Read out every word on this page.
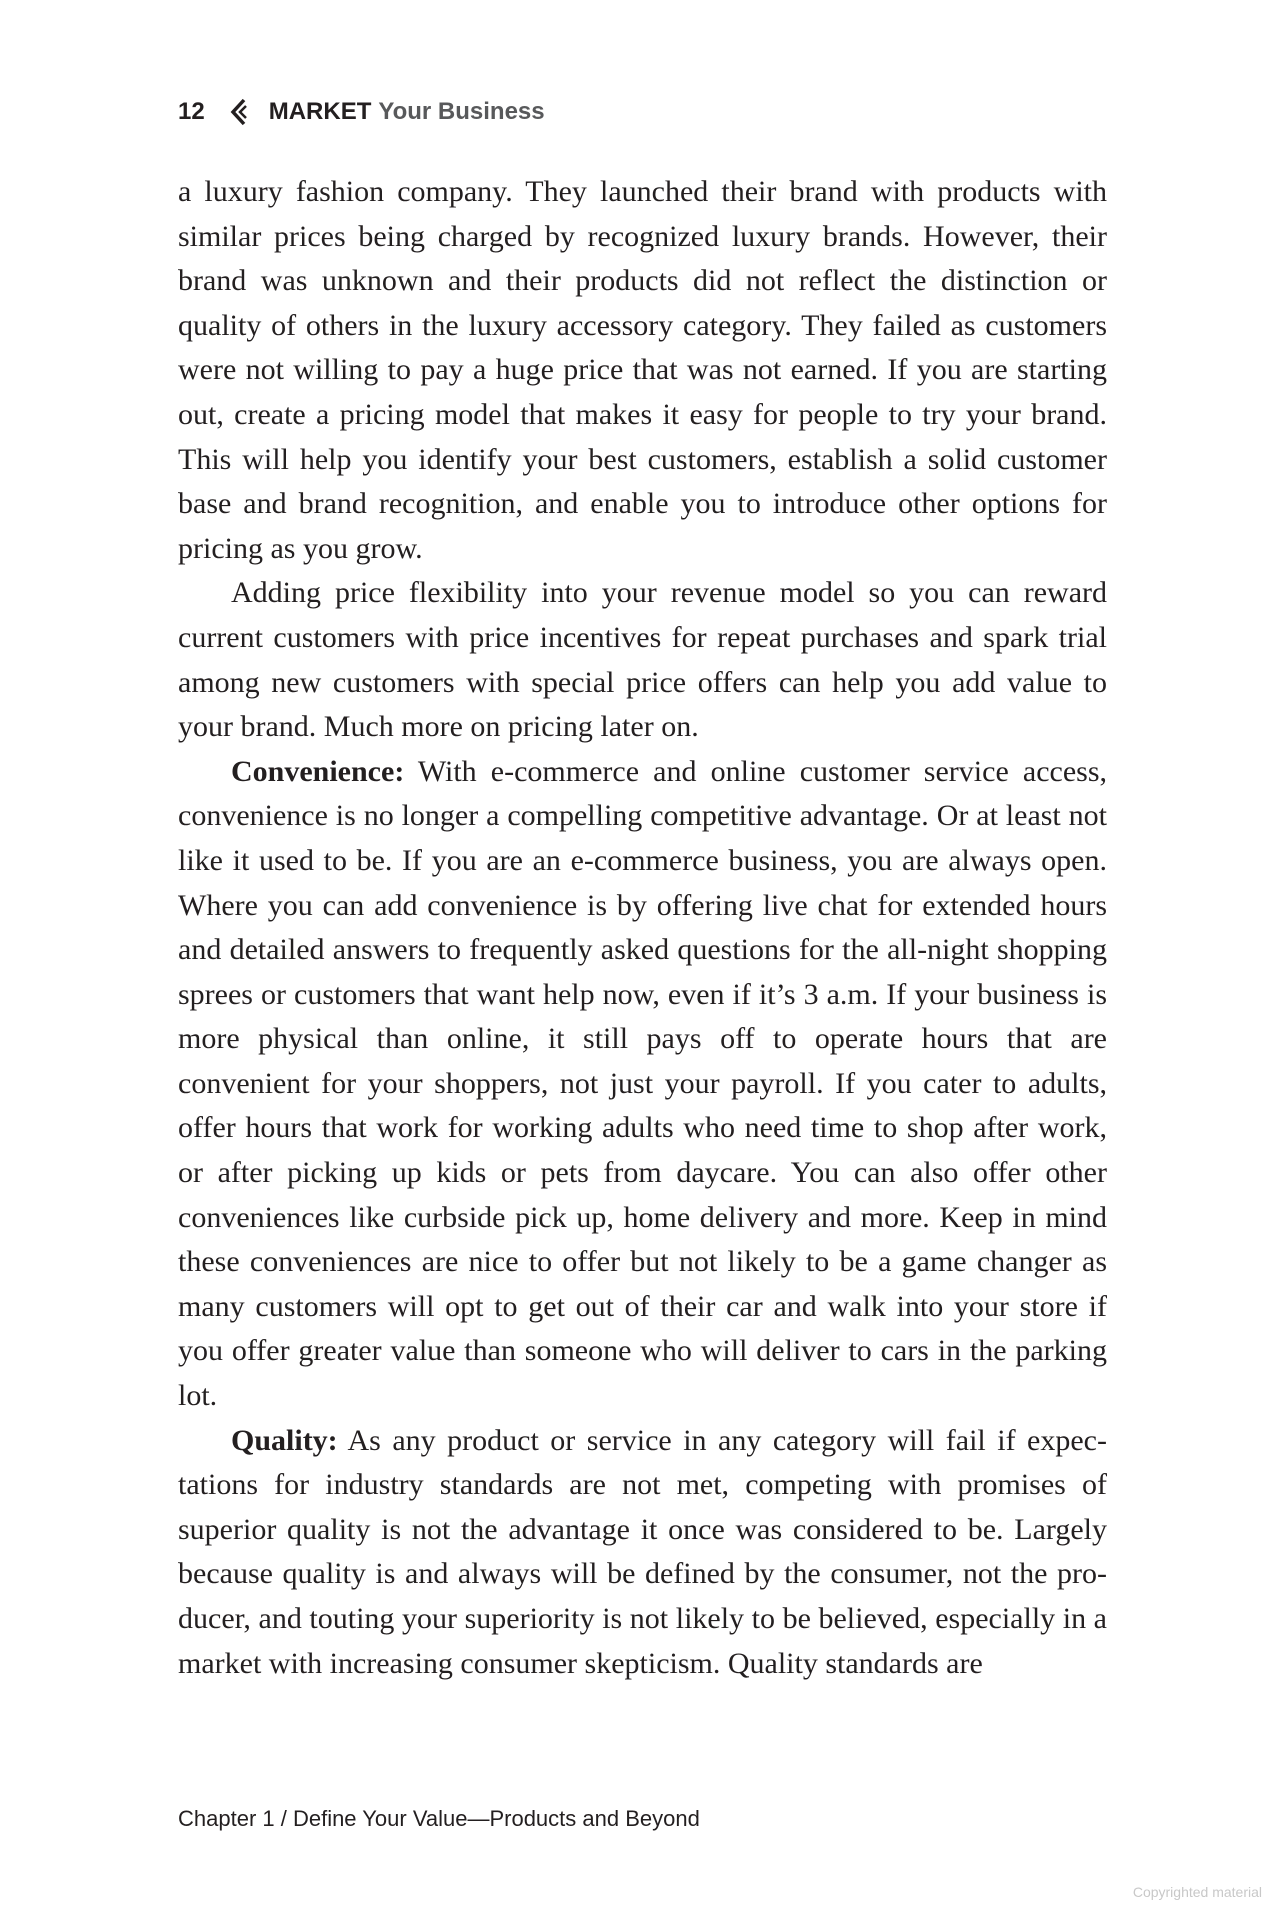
12	MARKET Your Business

a luxury fashion company. They launched their brand with products with similar prices being charged by recognized luxury brands. However, their brand was unknown and their products did not reflect the distinction or quality of others in the luxury accessory category. They failed as customers were not willing to pay a huge price that was not earned. If you are starting out, create a pricing model that makes it easy for people to try your brand. This will help you identify your best customers, establish a solid customer base and brand recognition, and enable you to introduce other options for pricing as you grow.

Adding price flexibility into your revenue model so you can reward current customers with price incentives for repeat purchases and spark trial among new customers with special price offers can help you add value to your brand. Much more on pricing later on.

Convenience: With e-commerce and online customer service access, convenience is no longer a compelling competitive advantage. Or at least not like it used to be. If you are an e-commerce business, you are always open. Where you can add convenience is by offering live chat for extended hours and detailed answers to frequently asked questions for the all-night shopping sprees or customers that want help now, even if it’s 3 a.m. If your business is more physical than online, it still pays off to operate hours that are convenient for your shoppers, not just your payroll. If you cater to adults, offer hours that work for working adults who need time to shop after work, or after picking up kids or pets from daycare. You can also offer other conveniences like curbside pick up, home delivery and more. Keep in mind these conveniences are nice to offer but not likely to be a game changer as many customers will opt to get out of their car and walk into your store if you offer greater value than someone who will deliver to cars in the parking lot.

Quality: As any product or service in any category will fail if expectations for industry standards are not met, competing with promises of superior quality is not the advantage it once was considered to be. Largely because quality is and always will be defined by the consumer, not the producer, and touting your superiority is not likely to be believed, especially in a market with increasing consumer skepticism. Quality standards are

Chapter 1 / Define Your Value—Products and Beyond
Copyrighted material
